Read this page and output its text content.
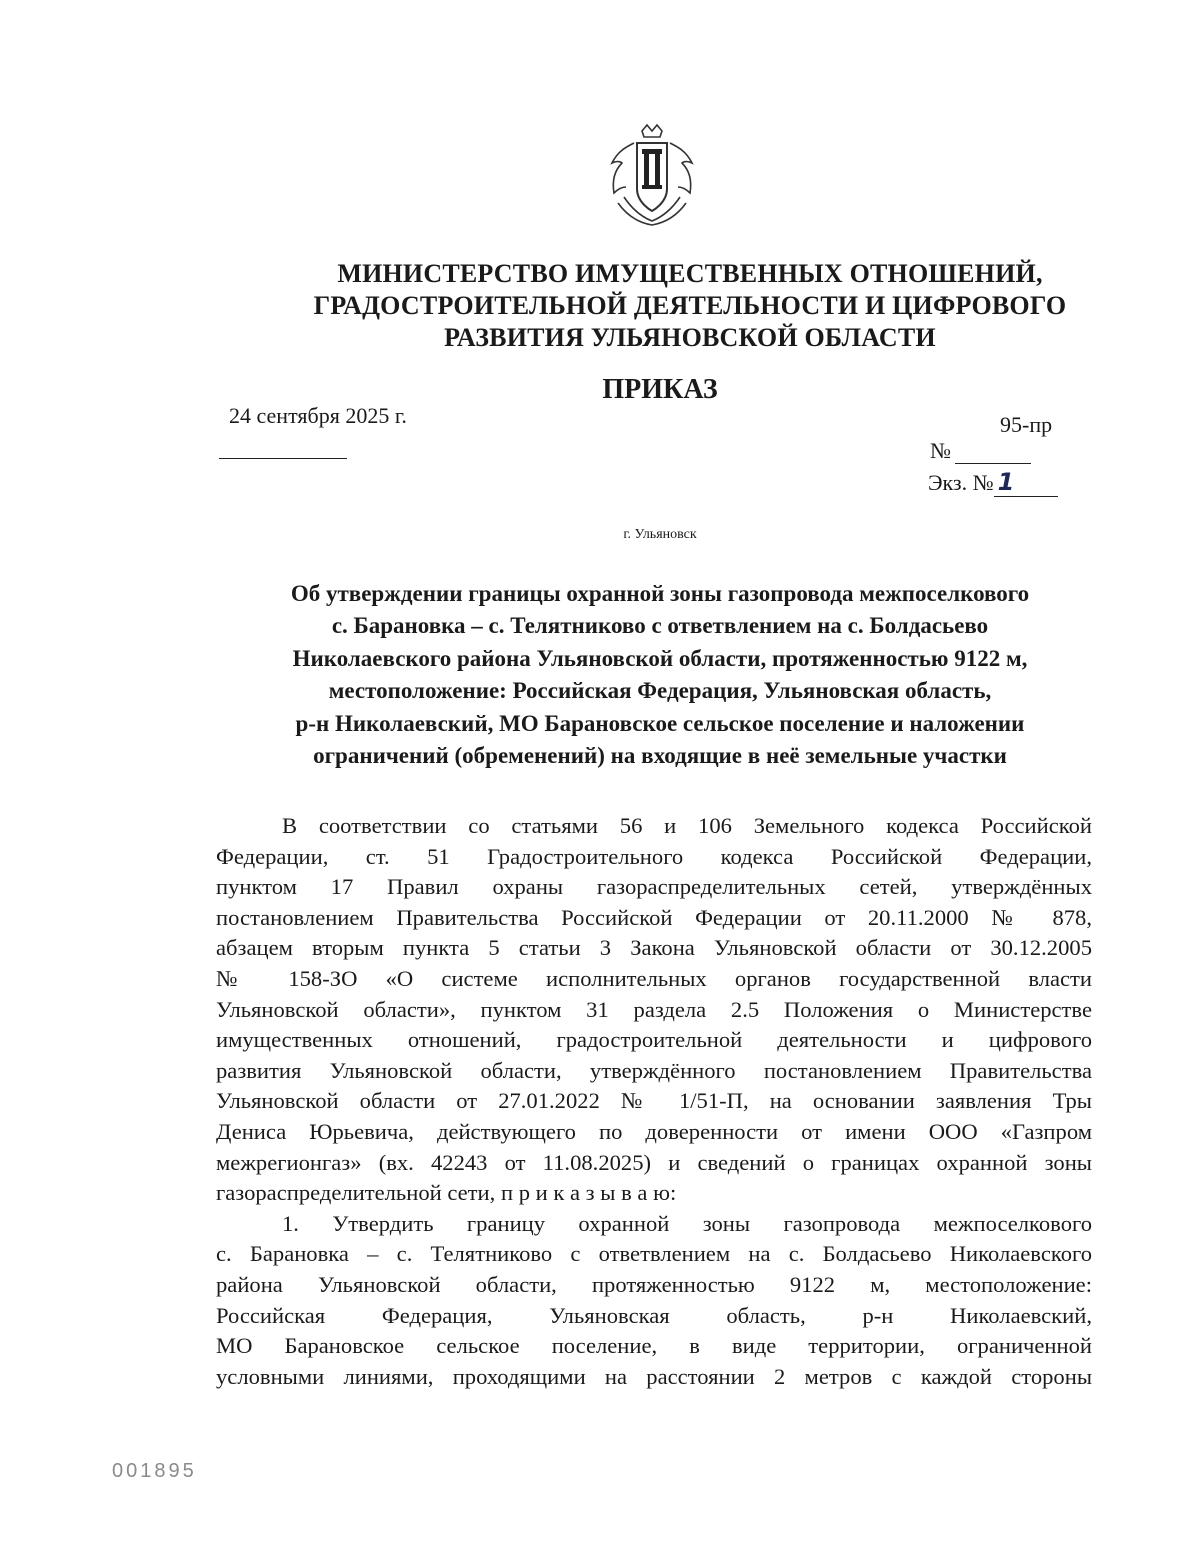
МИНИСТЕРСТВО ИМУЩЕСТВЕННЫХ ОТНОШЕНИЙ,
ГРАДОСТРОИТЕЛЬНОЙ ДЕЯТЕЛЬНОСТИ И ЦИФРОВОГО
РАЗВИТИЯ УЛЬЯНОВСКОЙ ОБЛАСТИ
ПРИКАЗ
24 сентября 2025 г.	95-пр
№
Экз. № 1
г. Ульяновск
Об утверждении границы охранной зоны газопровода межпоселкового
с. Барановка – с. Телятниково с ответвлением на с. Болдасьево
Николаевского района Ульяновской области, протяженностью 9122 м,
местоположение: Российская Федерация, Ульяновская область,
р-н Николаевский, МО Барановское сельское поселение и наложении
ограничений (обременений) на входящие в неё земельные участки
В соответствии со статьями 56 и 106 Земельного кодекса Российской
Федерации, ст. 51 Градостроительного кодекса Российской Федерации,
пунктом 17 Правил охраны газораспределительных сетей, утверждённых
постановлением Правительства Российской Федерации от 20.11.2000 № 878,
абзацем вторым пункта 5 статьи 3 Закона Ульяновской области от 30.12.2005
№ 158-ЗО «О системе исполнительных органов государственной власти
Ульяновской области», пунктом 31 раздела 2.5 Положения о Министерстве
имущественных отношений, градостроительной деятельности и цифрового
развития Ульяновской области, утверждённого постановлением Правительства
Ульяновской области от 27.01.2022 № 1/51-П, на основании заявления Тры
Дениса Юрьевича, действующего по доверенности от имени ООО «Газпром
межрегионгаз» (вх. 42243 от 11.08.2025) и сведений о границах охранной зоны
газораспределительной сети, п р и к а з ы в а ю:
1. Утвердить границу охранной зоны газопровода межпоселкового
с. Барановка – с. Телятниково с ответвлением на с. Болдасьево Николаевского
района Ульяновской области, протяженностью 9122 м, местоположение:
Российская Федерация, Ульяновская область, р-н Николаевский,
МО Барановское сельское поселение, в виде территории, ограниченной
условными линиями, проходящими на расстоянии 2 метров с каждой стороны
001895
